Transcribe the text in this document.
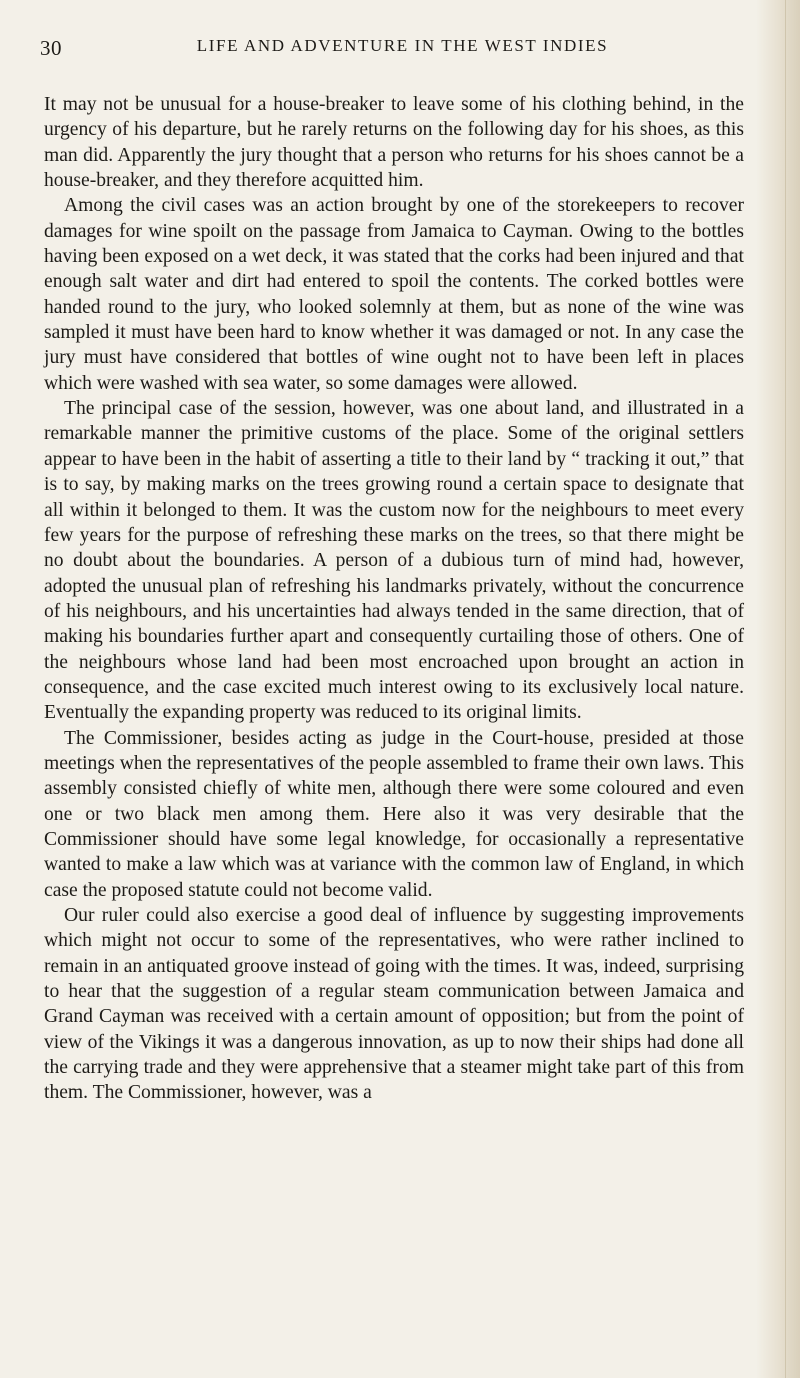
30	LIFE AND ADVENTURE IN THE WEST INDIES

It may not be unusual for a house-breaker to leave some of his clothing behind, in the urgency of his departure, but he rarely returns on the following day for his shoes, as this man did. Apparently the jury thought that a person who returns for his shoes cannot be a house-breaker, and they therefore acquitted him.

Among the civil cases was an action brought by one of the storekeepers to recover damages for wine spoilt on the passage from Jamaica to Cayman. Owing to the bottles having been exposed on a wet deck, it was stated that the corks had been injured and that enough salt water and dirt had entered to spoil the contents. The corked bottles were handed round to the jury, who looked solemnly at them, but as none of the wine was sampled it must have been hard to know whether it was damaged or not. In any case the jury must have considered that bottles of wine ought not to have been left in places which were washed with sea water, so some damages were allowed.

The principal case of the session, however, was one about land, and illustrated in a remarkable manner the primitive customs of the place. Some of the original settlers appear to have been in the habit of asserting a title to their land by “ tracking it out,” that is to say, by making marks on the trees growing round a certain space to designate that all within it belonged to them. It was the custom now for the neighbours to meet every few years for the purpose of refreshing these marks on the trees, so that there might be no doubt about the boundaries. A person of a dubious turn of mind had, however, adopted the unusual plan of refreshing his landmarks privately, without the concurrence of his neighbours, and his uncertainties had always tended in the same direction, that of making his boundaries further apart and consequently curtailing those of others. One of the neighbours whose land had been most encroached upon brought an action in consequence, and the case excited much interest owing to its exclusively local nature. Eventually the expanding property was reduced to its original limits.

The Commissioner, besides acting as judge in the Court-house, presided at those meetings when the representatives of the people assembled to frame their own laws. This assembly consisted chiefly of white men, although there were some coloured and even one or two black men among them. Here also it was very desirable that the Commissioner should have some legal knowledge, for occasionally a representative wanted to make a law which was at variance with the common law of England, in which case the proposed statute could not become valid.

Our ruler could also exercise a good deal of influence by suggesting improvements which might not occur to some of the representatives, who were rather inclined to remain in an antiquated groove instead of going with the times. It was, indeed, surprising to hear that the suggestion of a regular steam communication between Jamaica and Grand Cayman was received with a certain amount of opposition; but from the point of view of the Vikings it was a dangerous innovation, as up to now their ships had done all the carrying trade and they were apprehensive that a steamer might take part of this from them. The Commissioner, however, was a
